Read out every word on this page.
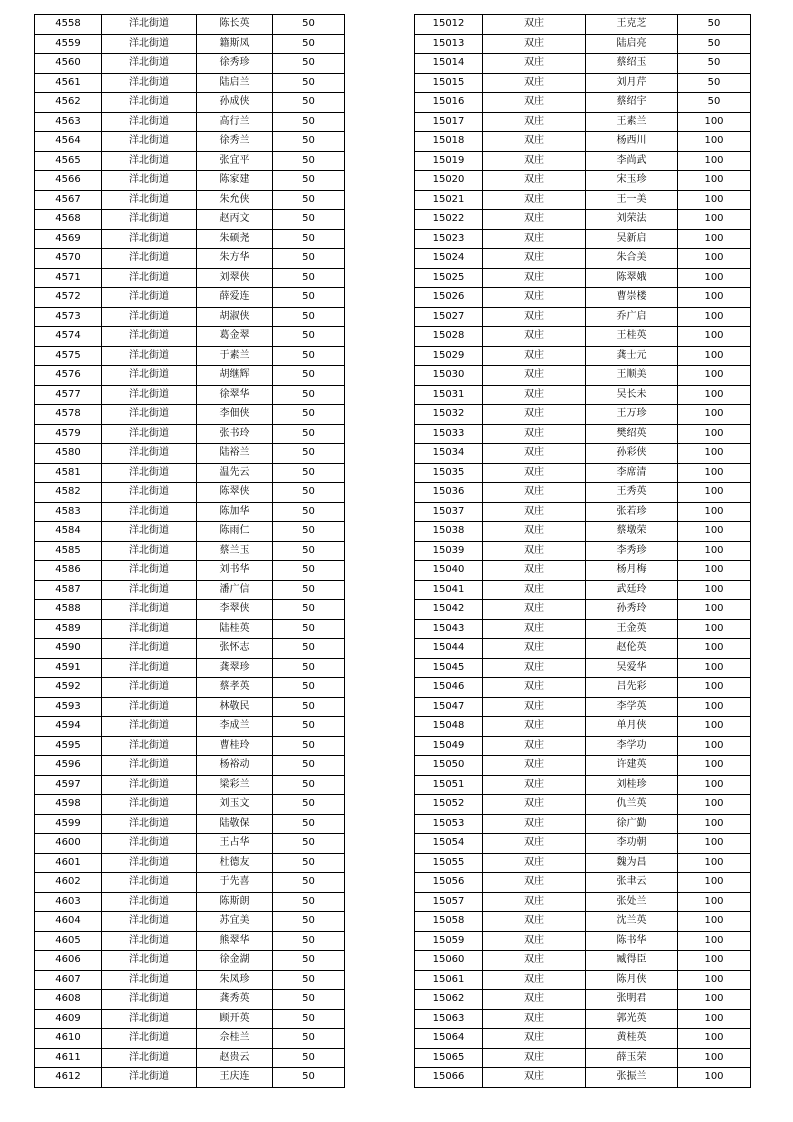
4558	洋北街道	陈长英	50
4559	洋北街道	籍斯凤	50
4560	洋北街道	徐秀珍	50
4561	洋北街道	陆启兰	50
4562	洋北街道	孙成侠	50
4563	洋北街道	高行兰	50
4564	洋北街道	徐秀兰	50
4565	洋北街道	张宜平	50
4566	洋北街道	陈家建	50
4567	洋北街道	朱允侠	50
4568	洋北街道	赵丙文	50
4569	洋北街道	朱硕尧	50
4570	洋北街道	朱方华	50
4571	洋北街道	刘翠侠	50
4572	洋北街道	薛爱连	50
4573	洋北街道	胡淑侠	50
4574	洋北街道	葛金翠	50
4575	洋北街道	于素兰	50
4576	洋北街道	胡继辉	50
4577	洋北街道	徐翠华	50
4578	洋北街道	李佃侠	50
4579	洋北街道	张书玲	50
4580	洋北街道	陆裕兰	50
4581	洋北街道	温先云	50
4582	洋北街道	陈翠侠	50
4583	洋北街道	陈加华	50
4584	洋北街道	陈雨仁	50
4585	洋北街道	蔡兰玉	50
4586	洋北街道	刘书华	50
4587	洋北街道	潘广信	50
4588	洋北街道	李翠侠	50
4589	洋北街道	陆桂英	50
4590	洋北街道	张怀志	50
4591	洋北街道	龚翠珍	50
4592	洋北街道	蔡孝英	50
4593	洋北街道	林敬民	50
4594	洋北街道	李成兰	50
4595	洋北街道	曹桂玲	50
4596	洋北街道	杨裕动	50
4597	洋北街道	梁彩兰	50
4598	洋北街道	刘玉文	50
4599	洋北街道	陆敬保	50
4600	洋北街道	王占华	50
4601	洋北街道	杜德友	50
4602	洋北街道	于先喜	50
4603	洋北街道	陈斯朗	50
4604	洋北街道	苏宜美	50
4605	洋北街道	熊翠华	50
4606	洋北街道	徐金湖	50
4607	洋北街道	朱凤珍	50
4608	洋北街道	龚秀英	50
4609	洋北街道	顾开英	50
4610	洋北街道	佘桂兰	50
4611	洋北街道	赵贵云	50
4612	洋北街道	王庆连	50
15012	双庄	王克芝	50
15013	双庄	陆启亮	50
15014	双庄	蔡绍玉	50
15015	双庄	刘月芹	50
15016	双庄	蔡绍宇	50
15017	双庄	王素兰	100
15018	双庄	杨西川	100
15019	双庄	李尚武	100
15020	双庄	宋玉珍	100
15021	双庄	王一美	100
15022	双庄	刘荣法	100
15023	双庄	吴新启	100
15024	双庄	朱合美	100
15025	双庄	陈翠娥	100
15026	双庄	曹崇楼	100
15027	双庄	乔广启	100
15028	双庄	王桂英	100
15029	双庄	龚士元	100
15030	双庄	王顺美	100
15031	双庄	吴长未	100
15032	双庄	王万珍	100
15033	双庄	樊绍英	100
15034	双庄	孙彩侠	100
15035	双庄	李席清	100
15036	双庄	王秀英	100
15037	双庄	张若珍	100
15038	双庄	蔡墩荣	100
15039	双庄	李秀珍	100
15040	双庄	杨月梅	100
15041	双庄	武廷玲	100
15042	双庄	孙秀玲	100
15043	双庄	王金英	100
15044	双庄	赵伦英	100
15045	双庄	吴爱华	100
15046	双庄	吕先彩	100
15047	双庄	李学英	100
15048	双庄	单月侠	100
15049	双庄	李学功	100
15050	双庄	许建英	100
15051	双庄	刘桂珍	100
15052	双庄	仇兰英	100
15053	双庄	徐广勤	100
15054	双庄	李功朝	100
15055	双庄	魏为昌	100
15056	双庄	张聿云	100
15057	双庄	张处兰	100
15058	双庄	沈兰英	100
15059	双庄	陈书华	100
15060	双庄	臧得臣	100
15061	双庄	陈月侠	100
15062	双庄	张明君	100
15063	双庄	郭光英	100
15064	双庄	黄桂英	100
15065	双庄	薛玉荣	100
15066	双庄	张振兰	100
